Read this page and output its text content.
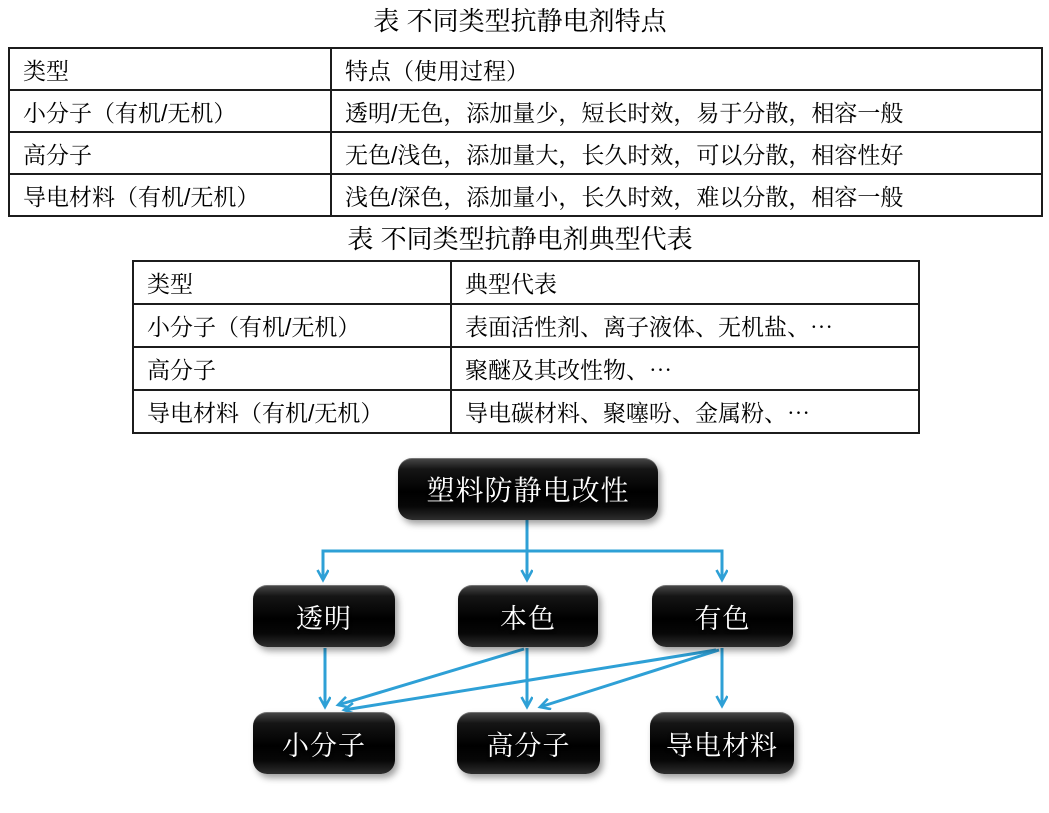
表 不同类型抗静电剂特点
类型	特点（使用过程）
小分子（有机/无机）	透明/无色，添加量少，短长时效，易于分散，相容一般
高分子	无色/浅色，添加量大，长久时效，可以分散，相容性好
导电材料（有机/无机）	浅色/深色，添加量小，长久时效，难以分散，相容一般
表 不同类型抗静电剂典型代表
类型	典型代表
小分子（有机/无机）	表面活性剂、离子液体、无机盐、⋯
高分子	聚醚及其改性物、⋯
导电材料（有机/无机）	导电碳材料、聚噻吩、金属粉、⋯
塑料防静电改性
透明	本色	有色
小分子	高分子	导电材料
